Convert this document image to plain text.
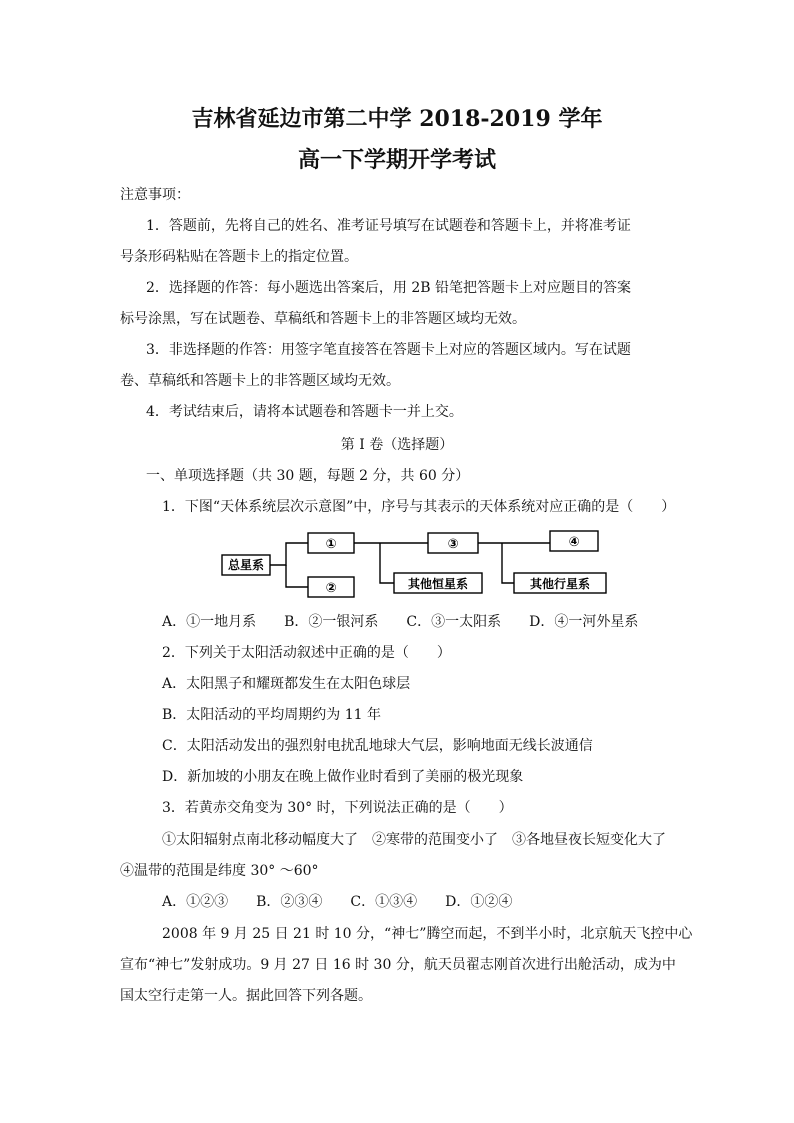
吉林省延边市第二中学 2018-2019 学年
高一下学期开学考试
注意事项：
1．答题前，先将自己的姓名、准考证号填写在试题卷和答题卡上，并将准考证
号条形码粘贴在答题卡上的指定位置。
2．选择题的作答：每小题选出答案后，用 2B 铅笔把答题卡上对应题目的答案
标号涂黑，写在试题卷、草稿纸和答题卡上的非答题区域均无效。
3．非选择题的作答：用签字笔直接答在答题卡上对应的答题区域内。写在试题
卷、草稿纸和答题卡上的非答题区域均无效。
4．考试结束后，请将本试题卷和答题卡一并上交。
第 I 卷（选择题）
一、单项选择题（共 30 题，每题 2 分，共 60 分）
1．下图“天体系统层次示意图”中，序号与其表示的天体系统对应正确的是（　　）
总星系
①
②
③	④
其他恒星系	其他行星系
A．①一地月系　　B．②一银河系　　C．③一太阳系　　D．④一河外星系
2．下列关于太阳活动叙述中正确的是（　　）
A．太阳黑子和耀斑都发生在太阳色球层
B．太阳活动的平均周期约为 11 年
C．太阳活动发出的强烈射电扰乱地球大气层，影响地面无线长波通信
D．新加坡的小朋友在晚上做作业时看到了美丽的极光现象
3．若黄赤交角变为 30° 时，下列说法正确的是（　　）
①太阳辐射点南北移动幅度大了　②寒带的范围变小了　③各地昼夜长短变化大了
④温带的范围是纬度 30° ～60°
A．①②③　　B．②③④　　C．①③④　　D．①②④
2008 年 9 月 25 日 21 时 10 分，“神七”腾空而起，不到半小时，北京航天飞控中心
宣布“神七”发射成功。9 月 27 日 16 时 30 分，航天员翟志刚首次进行出舱活动，成为中
国太空行走第一人。据此回答下列各题。
